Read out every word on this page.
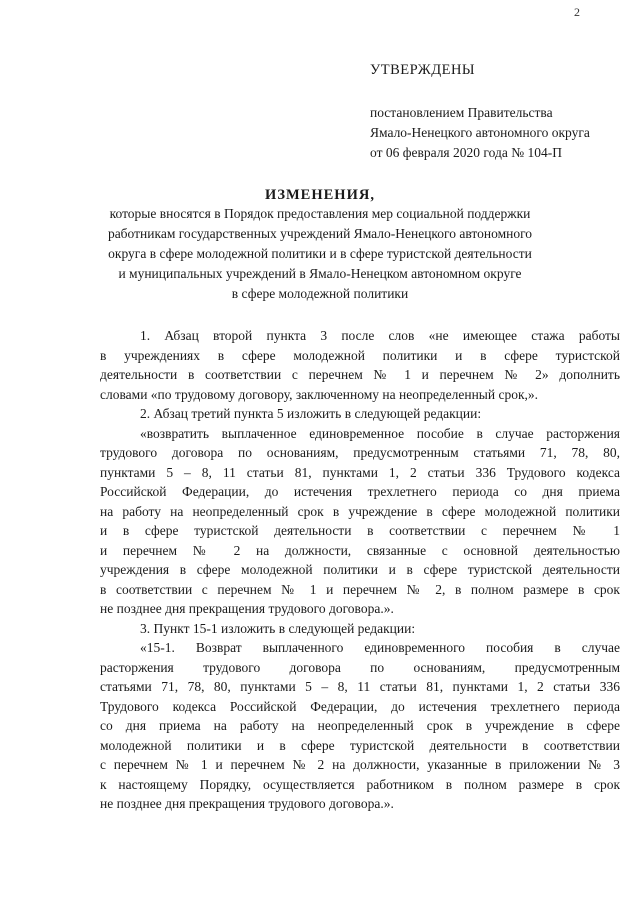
2
УТВЕРЖДЕНЫ
постановлением Правительства
Ямало-Ненецкого автономного округа
от 06 февраля 2020 года № 104-П
ИЗМЕНЕНИЯ,
которые вносятся в Порядок предоставления мер социальной поддержки
работникам государственных учреждений Ямало-Ненецкого автономного
округа в сфере молодежной политики и в сфере туристской деятельности
и муниципальных учреждений в Ямало-Ненецком автономном округе
в сфере молодежной политики
1. Абзац второй пункта 3 после слов «не имеющее стажа работы
в учреждениях в сфере молодежной политики и в сфере туристской
деятельности в соответствии с перечнем № 1 и перечнем № 2» дополнить
словами «по трудовому договору, заключенному на неопределенный срок,».
2. Абзац третий пункта 5 изложить в следующей редакции:
«возвратить выплаченное единовременное пособие в случае расторжения
трудового договора по основаниям, предусмотренным статьями 71, 78, 80,
пунктами 5 – 8, 11 статьи 81, пунктами 1, 2 статьи 336 Трудового кодекса
Российской Федерации, до истечения трехлетнего периода со дня приема
на работу на неопределенный срок в учреждение в сфере молодежной политики
и в сфере туристской деятельности в соответствии с перечнем № 1
и перечнем № 2 на должности, связанные с основной деятельностью
учреждения в сфере молодежной политики и в сфере туристской деятельности
в соответствии с перечнем № 1 и перечнем № 2, в полном размере в срок
не позднее дня прекращения трудового договора.».
3. Пункт 15-1 изложить в следующей редакции:
«15-1. Возврат выплаченного единовременного пособия в случае
расторжения трудового договора по основаниям, предусмотренным
статьями 71, 78, 80, пунктами 5 – 8, 11 статьи 81, пунктами 1, 2 статьи 336
Трудового кодекса Российской Федерации, до истечения трехлетнего периода
со дня приема на работу на неопределенный срок в учреждение в сфере
молодежной политики и в сфере туристской деятельности в соответствии
с перечнем № 1 и перечнем № 2 на должности, указанные в приложении № 3
к настоящему Порядку, осуществляется работником в полном размере в срок
не позднее дня прекращения трудового договора.».
